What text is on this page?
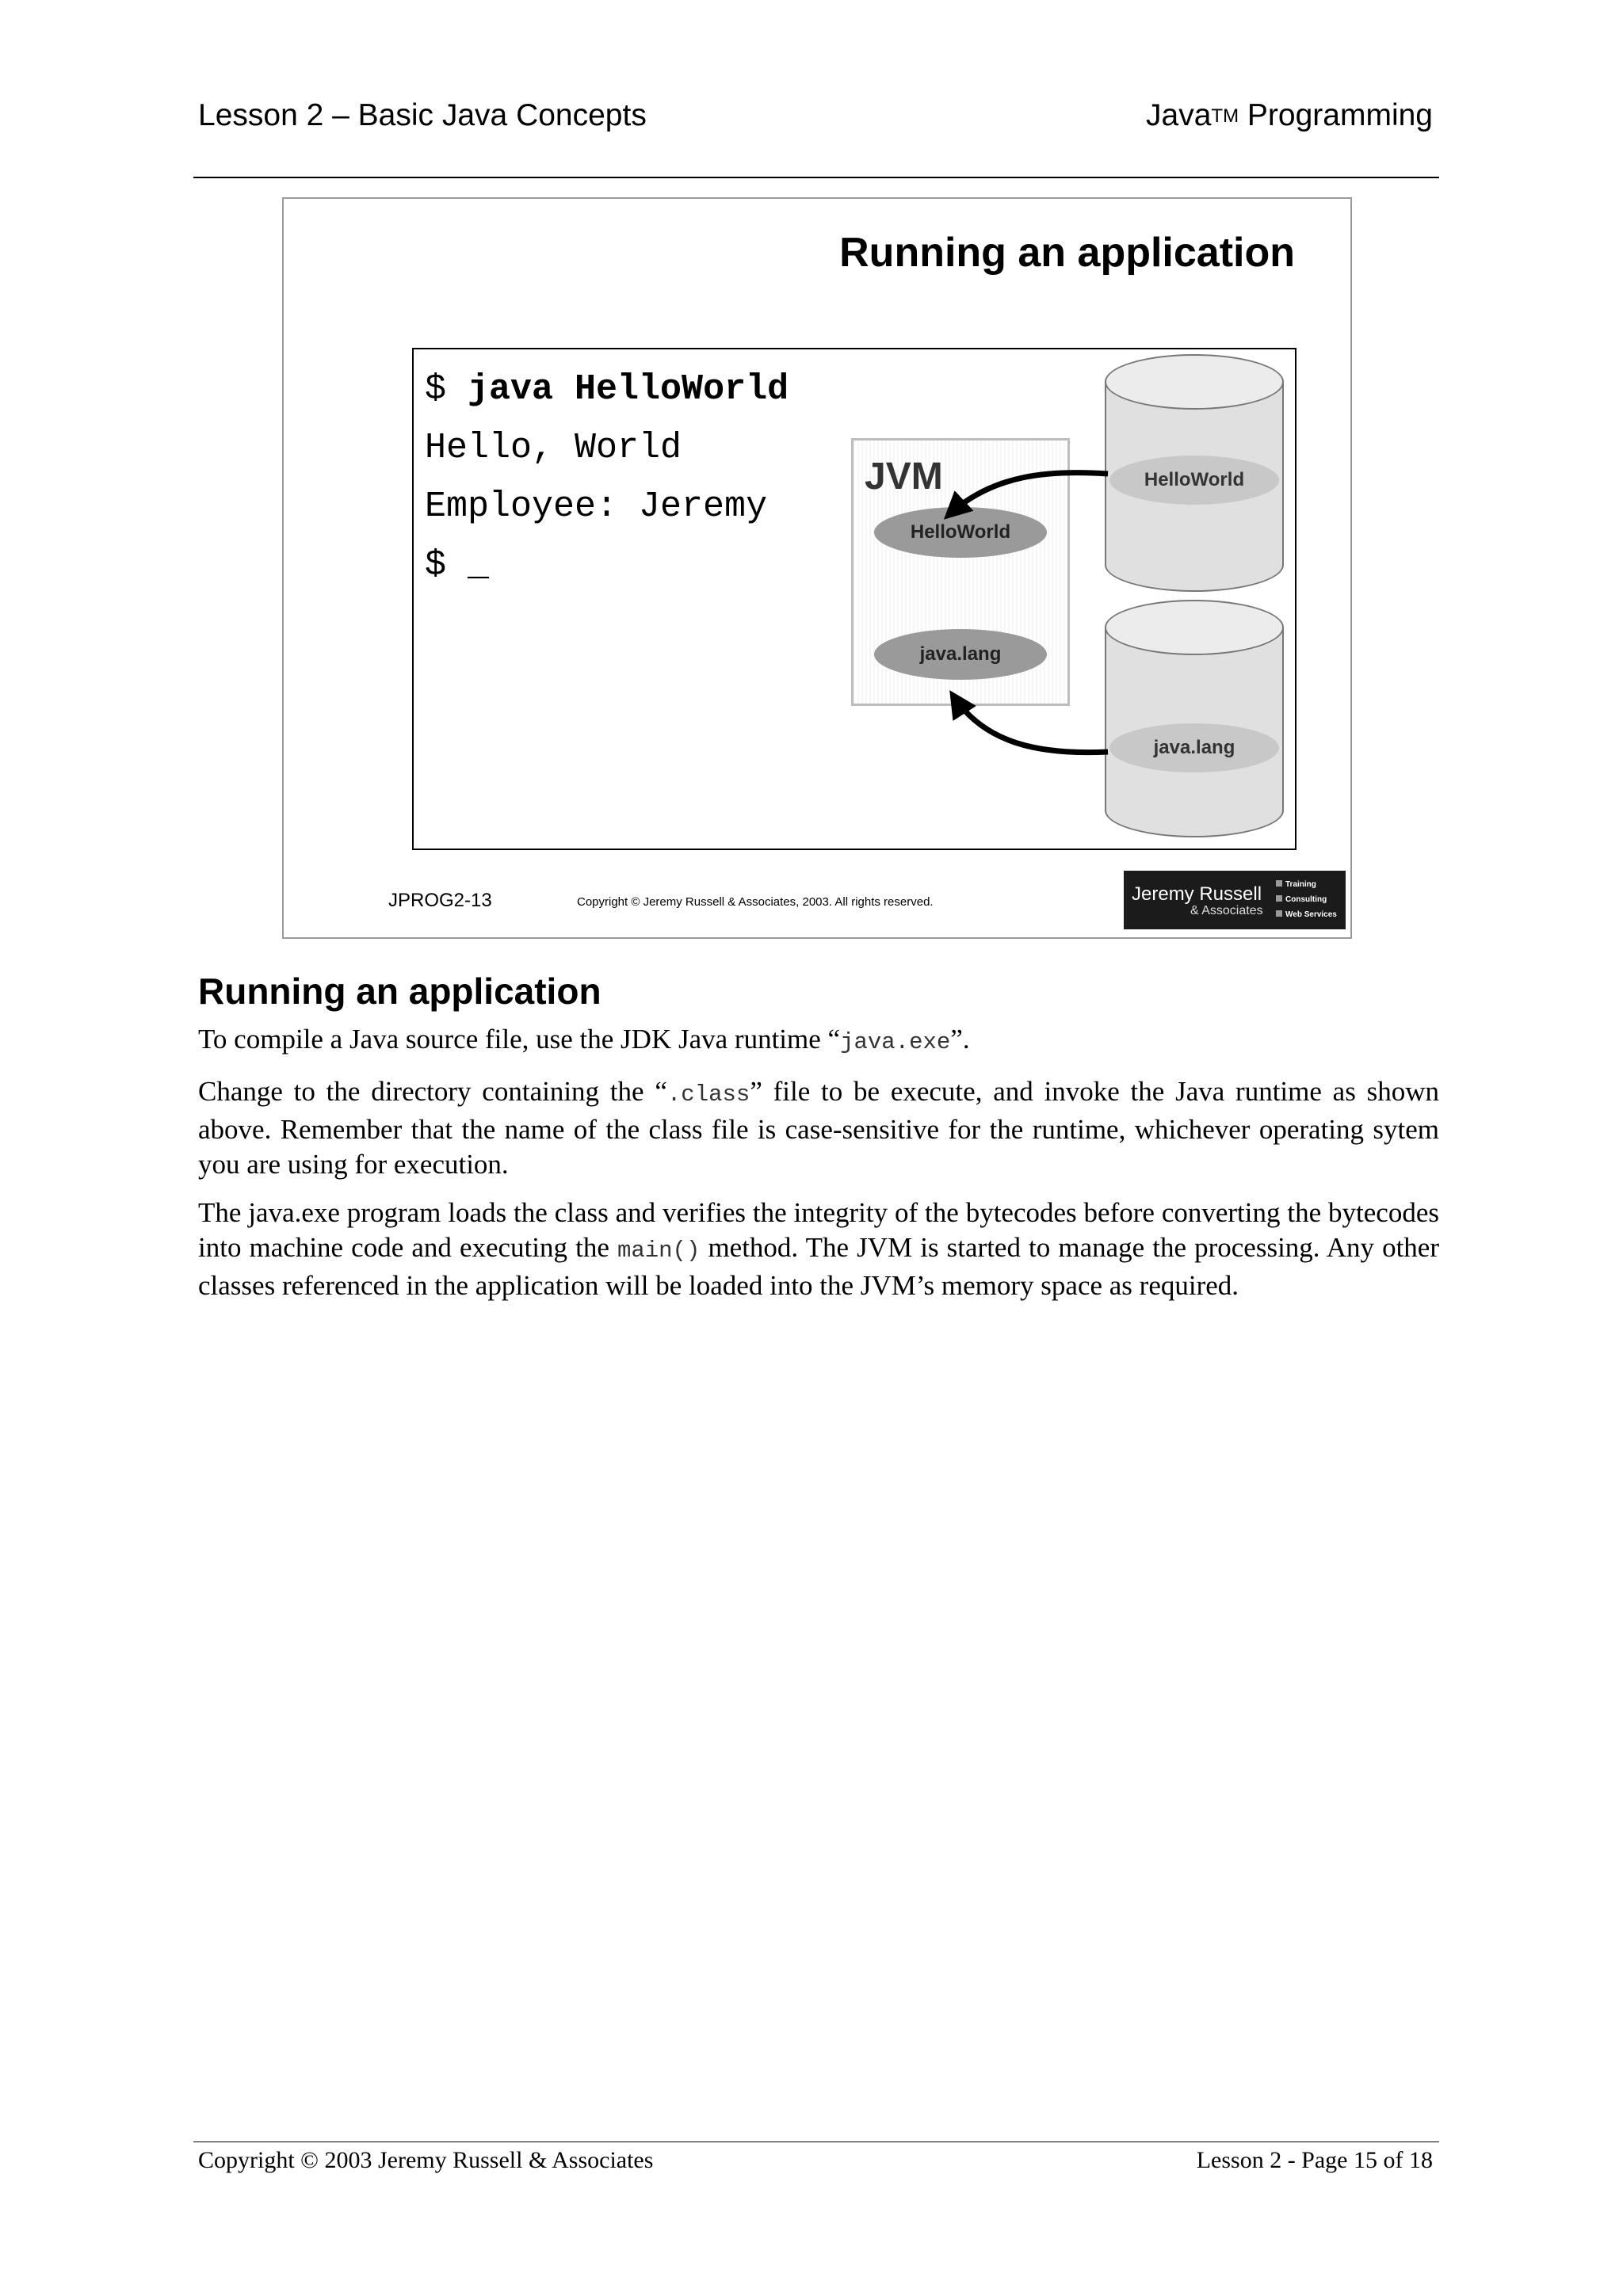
Lesson 2 – Basic Java Concepts	JavaTM Programming
Running an application
$ java HelloWorld
Hello, World
Employee: Jeremy
$ _
JVM
HelloWorld
java.lang
HelloWorld
java.lang
JPROG2-13	Copyright © Jeremy Russell & Associates, 2003. All rights reserved.	Jeremy Russell
& Associates
Training
Consulting
Web Services
Running an application
To compile a Java source file, use the JDK Java runtime “java.exe”.
Change to the directory containing the “.class” file to be execute, and invoke the Java runtime as shown above. Remember that the name of the class file is case-sensitive for the runtime, whichever operating sytem you are using for execution.
The java.exe program loads the class and verifies the integrity of the bytecodes before converting the bytecodes into machine code and executing the main() method. The JVM is started to manage the processing. Any other classes referenced in the application will be loaded into the JVM’s memory space as required.
Copyright © 2003 Jeremy Russell & Associates	Lesson 2 - Page 15 of 18
